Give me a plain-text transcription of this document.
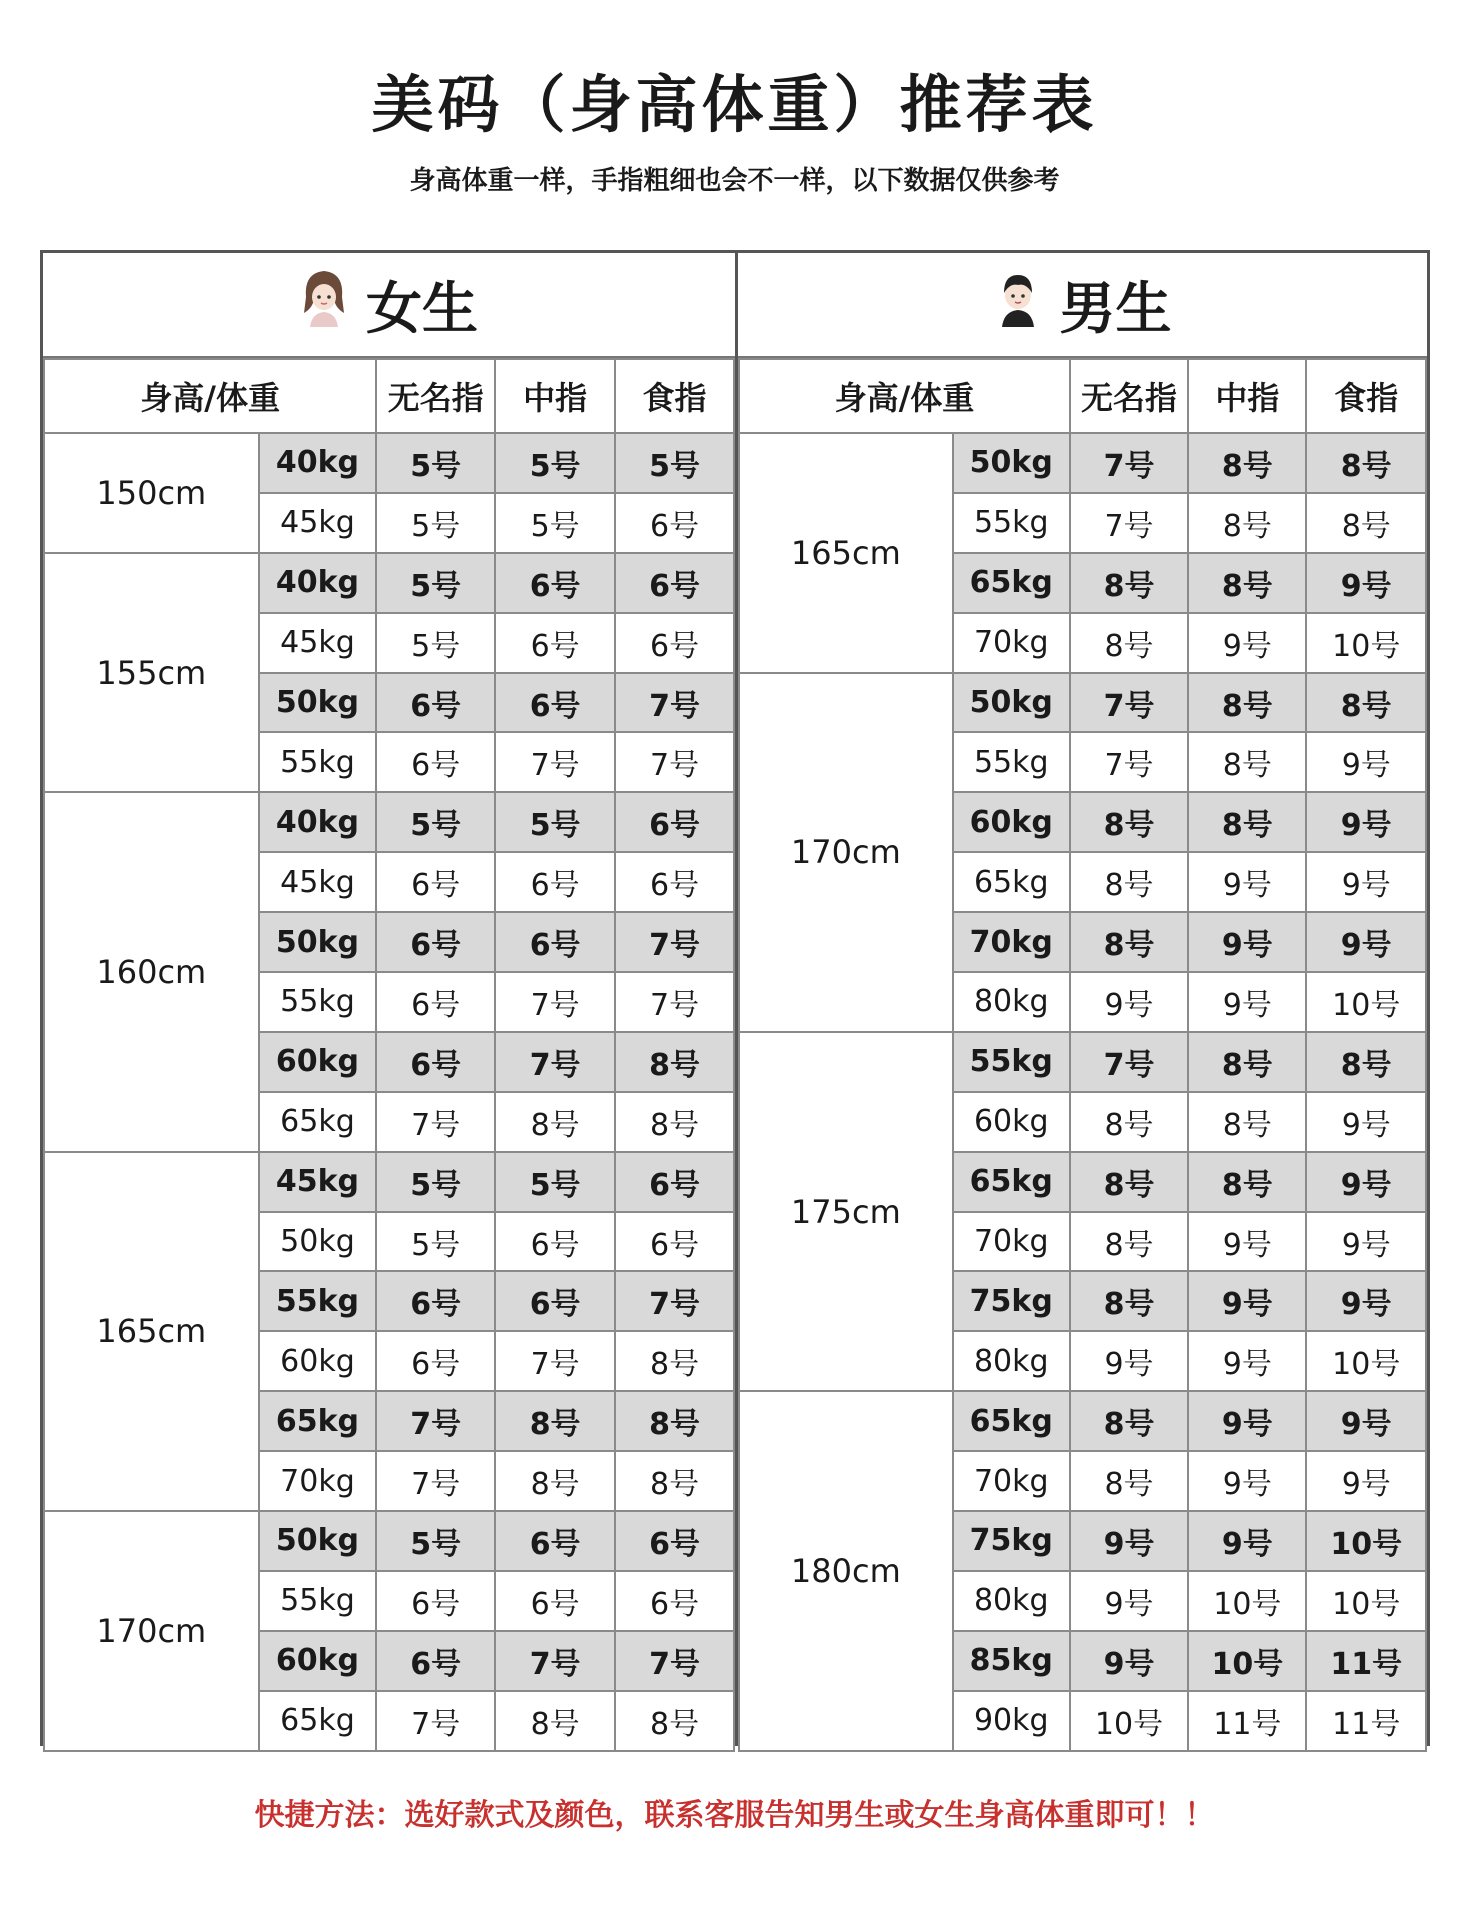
美码（身高体重）推荐表
身高体重一样，手指粗细也会不一样，以下数据仅供参考
女生
身高/体重		无名指	中指	食指
150cm	40kg	5号	5号	5号
	45kg	5号	5号	6号
155cm	40kg	5号	6号	6号
	45kg	5号	6号	6号
	50kg	6号	6号	7号
	55kg	6号	7号	7号
160cm	40kg	5号	5号	6号
	45kg	6号	6号	6号
	50kg	6号	6号	7号
	55kg	6号	7号	7号
	60kg	6号	7号	8号
	65kg	7号	8号	8号
165cm	45kg	5号	5号	6号
	50kg	5号	6号	6号
	55kg	6号	6号	7号
	60kg	6号	7号	8号
	65kg	7号	8号	8号
	70kg	7号	8号	8号
170cm	50kg	5号	6号	6号
	55kg	6号	6号	6号
	60kg	6号	7号	7号
	65kg	7号	8号	8号
男生
身高/体重		无名指	中指	食指
165cm	50kg	7号	8号	8号
	55kg	7号	8号	8号
	65kg	8号	8号	9号
	70kg	8号	9号	10号
170cm	50kg	7号	8号	8号
	55kg	7号	8号	9号
	60kg	8号	8号	9号
	65kg	8号	9号	9号
	70kg	8号	9号	9号
	80kg	9号	9号	10号
175cm	55kg	7号	8号	8号
	60kg	8号	8号	9号
	65kg	8号	8号	9号
	70kg	8号	9号	9号
	75kg	8号	9号	9号
	80kg	9号	9号	10号
180cm	65kg	8号	9号	9号
	70kg	8号	9号	9号
	75kg	9号	9号	10号
	80kg	9号	10号	10号
	85kg	9号	10号	11号
	90kg	10号	11号	11号
快捷方法：选好款式及颜色，联系客服告知男生或女生身高体重即可！！
